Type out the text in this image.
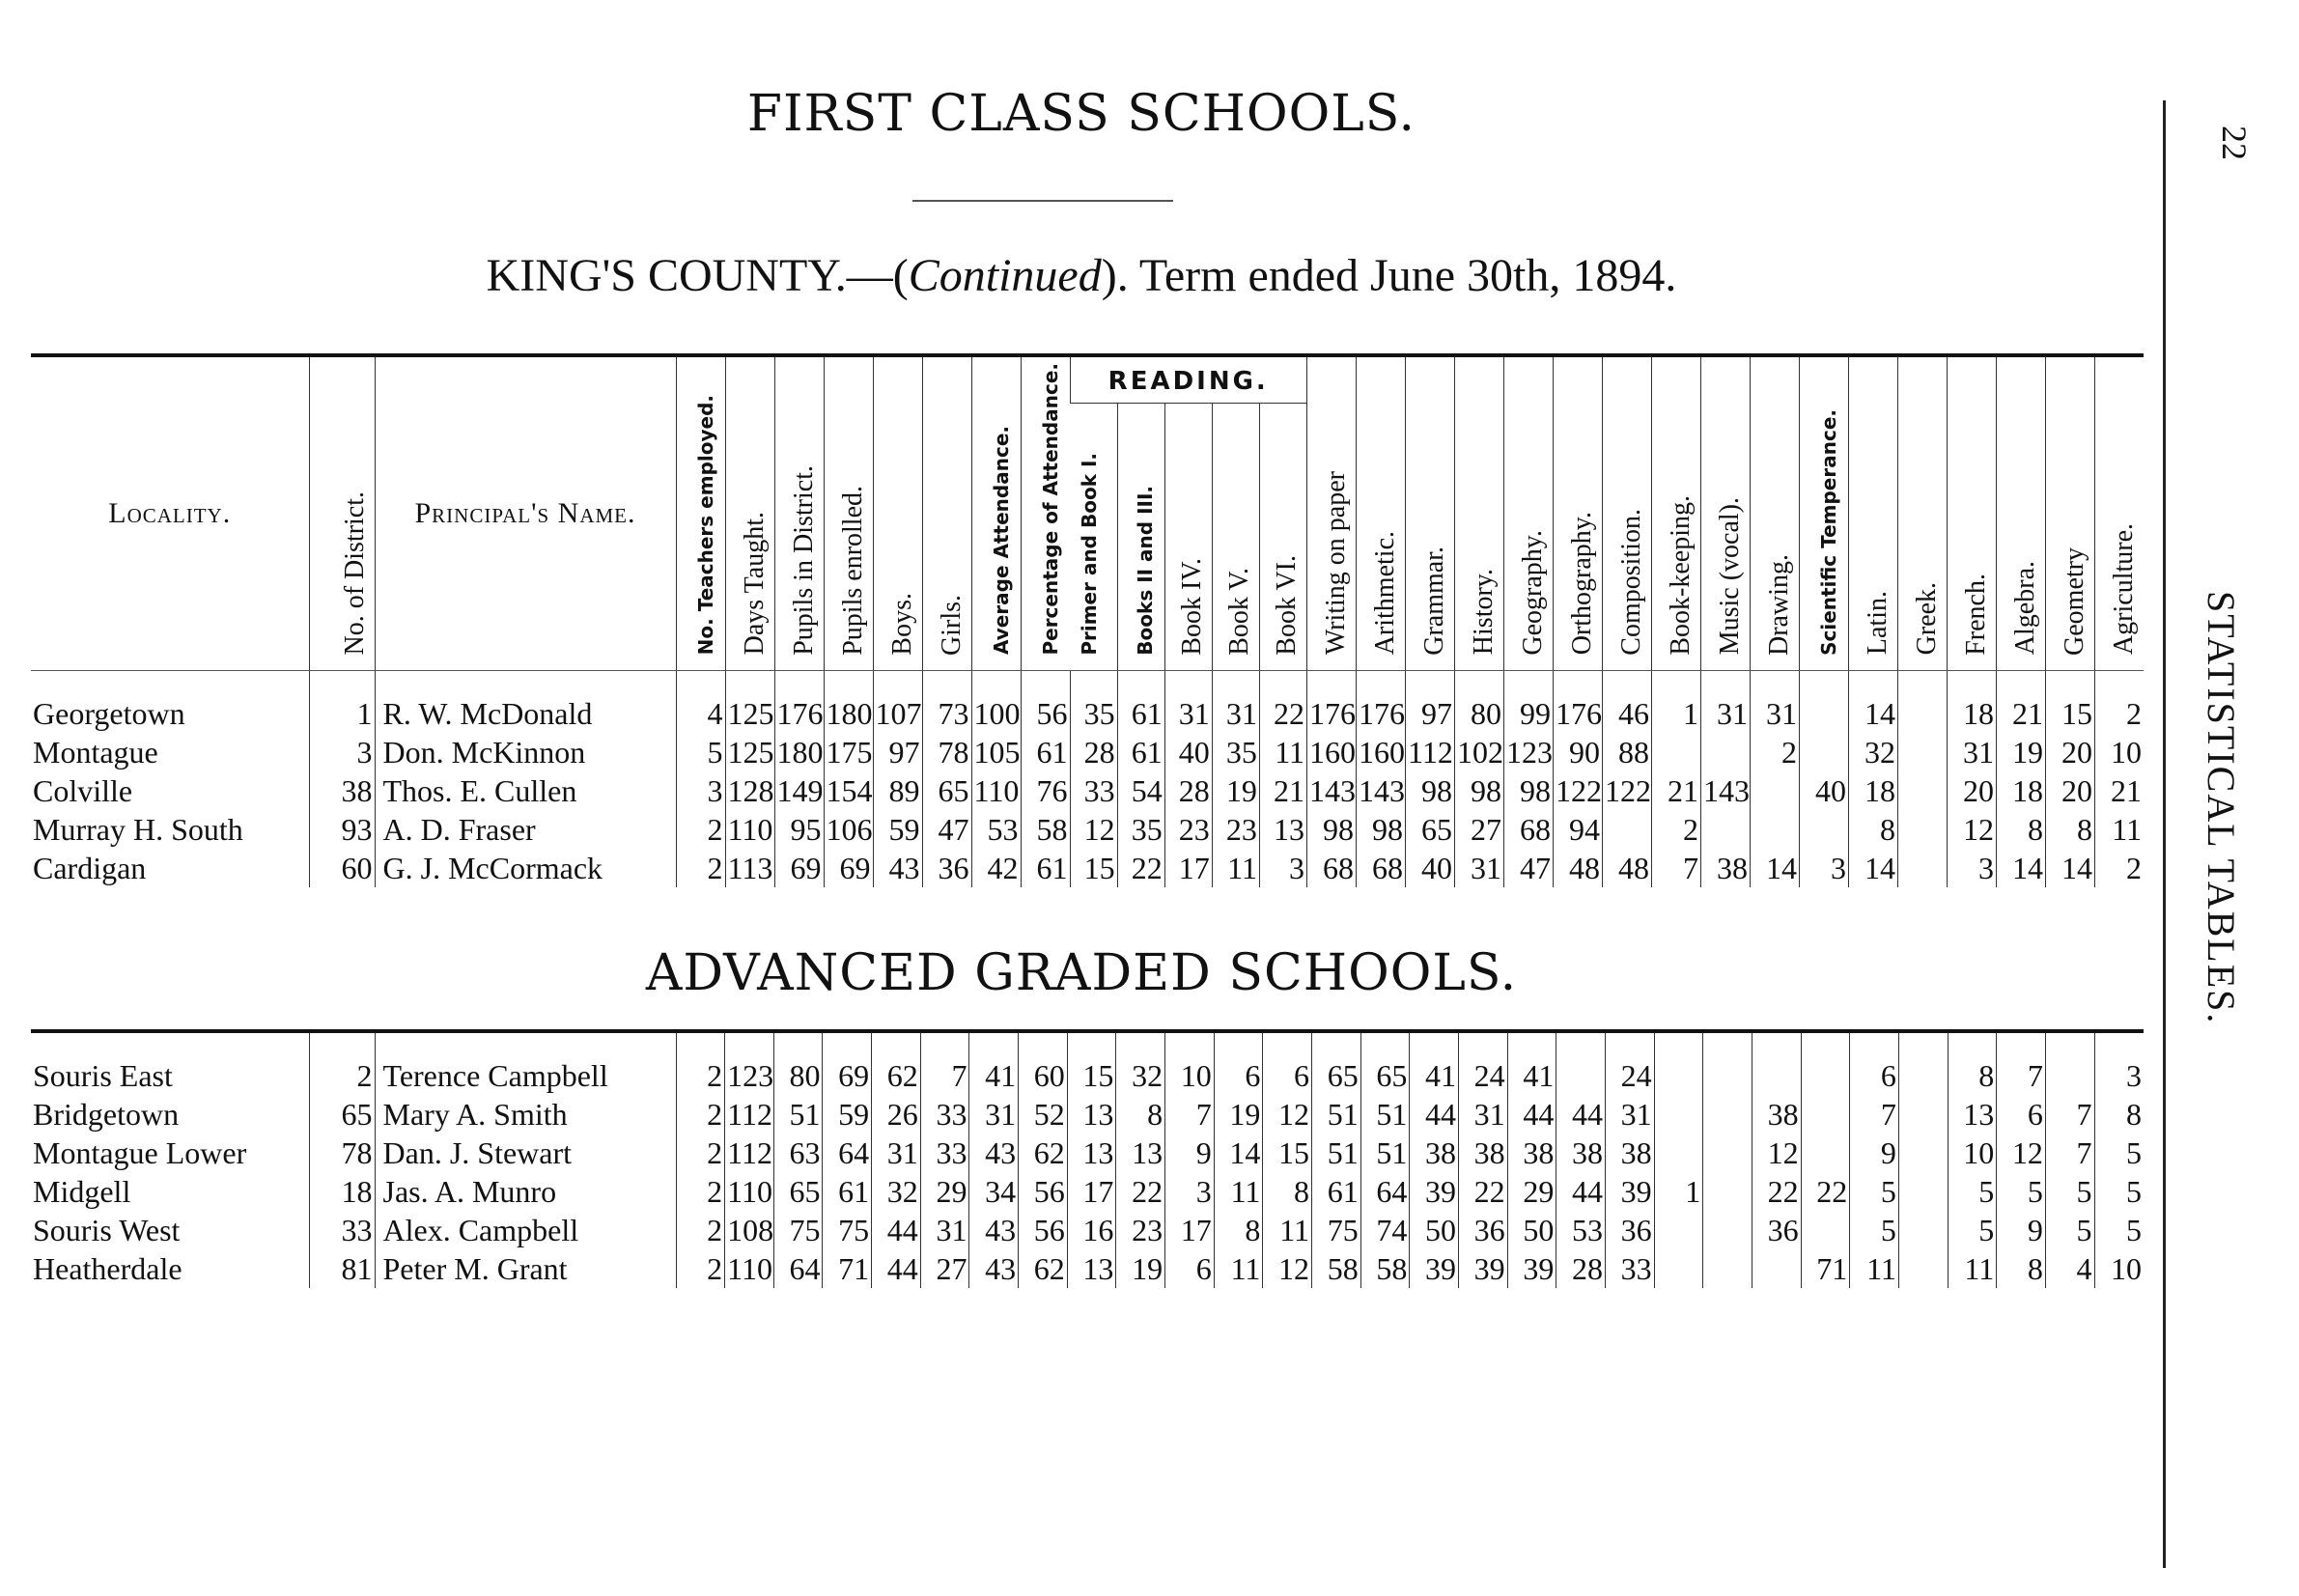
FIRST CLASS SCHOOLS.
KING'S COUNTY.—(Continued). Term ended June 30th, 1894.
22
STATISTICAL TABLES.
Locality.	No. of District.	Principal's Name.	No. Teachers employed.	Days Taught.	Pupils in District.	Pupils enrolled.	Boys.	Girls.	Average Attendance.	Percentage of Attendance.	READING.					Writing on paper	Arithmetic.	Grammar.	History.	Geography.	Orthography.	Composition.	Book-keeping.	Music (vocal).	Drawing.	Scientific Temperance.	Latin.	Greek.	French.	Algebra.	Geometry	Agriculture.
											Primer and Book I.	Books II and III.	Book IV.	Book V.	Book VI.																	

Georgetown	1	R. W. McDonald	4	125	176	180	107	73	100	56	35	61	31	31	22	176	176	97	80	99	176	46	1	31	31		14		18	21	15	2
Montague	3	Don. McKinnon	5	125	180	175	97	78	105	61	28	61	40	35	11	160	160	112	102	123	90	88			2		32		31	19	20	10
Colville	38	Thos. E. Cullen	3	128	149	154	89	65	110	76	33	54	28	19	21	143	143	98	98	98	122	122	21	143		40	18		20	18	20	21
Murray H. South	93	A. D. Fraser	2	110	95	106	59	47	53	58	12	35	23	23	13	98	98	65	27	68	94		2				8		12	8	8	11
Cardigan	60	G. J. McCormack	2	113	69	69	43	36	42	61	15	22	17	11	3	68	68	40	31	47	48	48	7	38	14	3	14		3	14	14	2
ADVANCED GRADED SCHOOLS.

Souris East	2	Terence Campbell	2	123	80	69	62	7	41	60	15	32	10	6	6	65	65	41	24	41		24					6		8	7		3
Bridgetown	65	Mary A. Smith	2	112	51	59	26	33	31	52	13	8	7	19	12	51	51	44	31	44	44	31			38		7		13	6	7	8
Montague Lower	78	Dan. J. Stewart	2	112	63	64	31	33	43	62	13	13	9	14	15	51	51	38	38	38	38	38			12		9		10	12	7	5
Midgell	18	Jas. A. Munro	2	110	65	61	32	29	34	56	17	22	3	11	8	61	64	39	22	29	44	39	1		22	22	5		5	5	5	5
Souris West	33	Alex. Campbell	2	108	75	75	44	31	43	56	16	23	17	8	11	75	74	50	36	50	53	36			36		5		5	9	5	5
Heatherdale	81	Peter M. Grant	2	110	64	71	44	27	43	62	13	19	6	11	12	58	58	39	39	39	28	33				71	11		11	8	4	10
